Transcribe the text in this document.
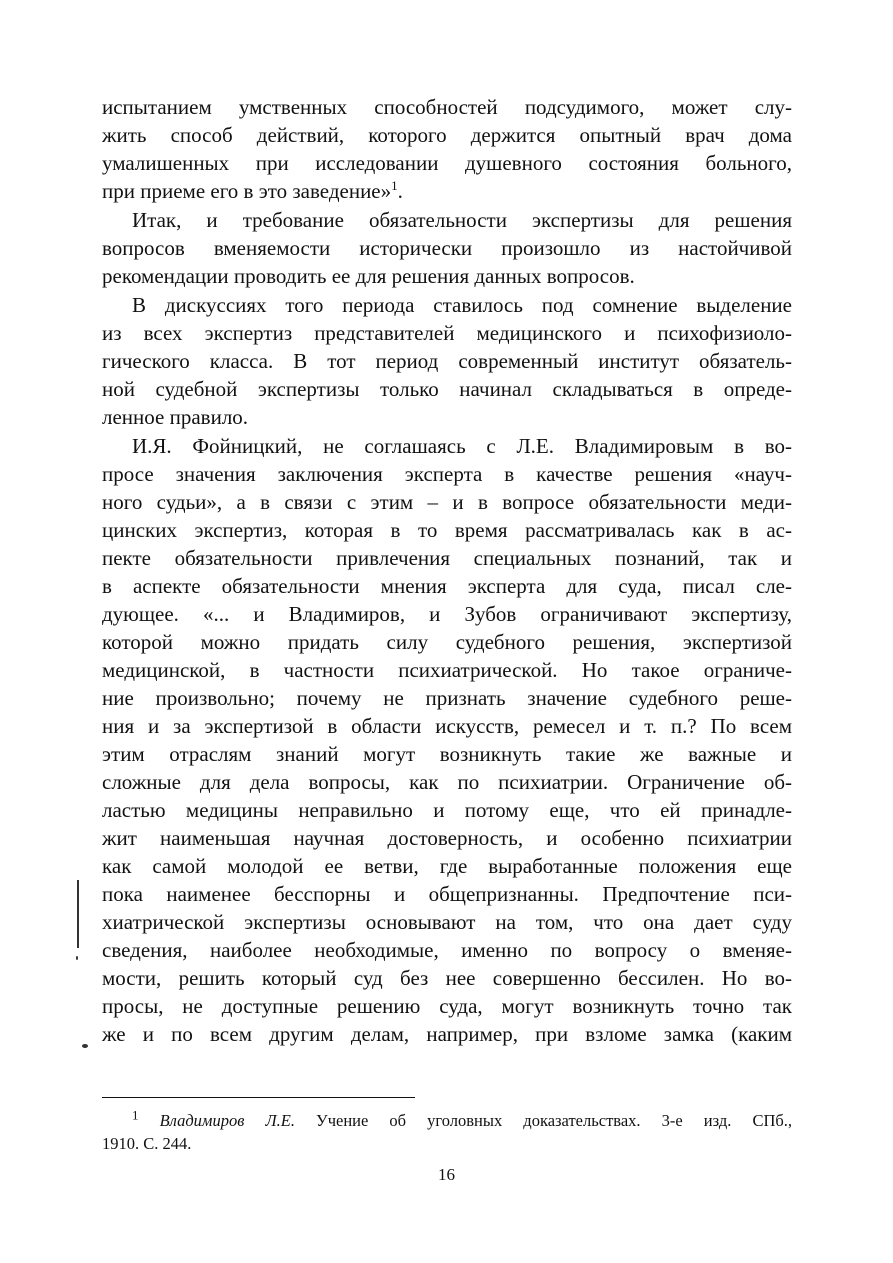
испытанием умственных способностей подсудимого, может слу-
жить способ действий, которого держится опытный врач дома
умалишенных при исследовании душевного состояния больного,
при приеме его в это заведение»$^1$.
Итак, и требование обязательности экспертизы для решения
вопросов вменяемости исторически произошло из настойчивой
рекомендации проводить ее для решения данных вопросов.
В дискуссиях того периода ставилось под сомнение выделение
из всех экспертиз представителей медицинского и психофизиоло-
гического класса. В тот период современный институт обязатель-
ной судебной экспертизы только начинал складываться в опреде-
ленное правило.
И.Я. Фойницкий, не соглашаясь с Л.Е. Владимировым в во-
просе значения заключения эксперта в качестве решения «науч-
ного судьи», а в связи с этим – и в вопросе обязательности меди-
цинских экспертиз, которая в то время рассматривалась как в ас-
пекте обязательности привлечения специальных познаний, так и
в аспекте обязательности мнения эксперта для суда, писал сле-
дующее. «... и Владимиров, и Зубов ограничивают экспертизу,
которой можно придать силу судебного решения, экспертизой
медицинской, в частности психиатрической. Но такое ограниче-
ние произвольно; почему не признать значение судебного реше-
ния и за экспертизой в области искусств, ремесел и т. п.? По всем
этим отраслям знаний могут возникнуть такие же важные и
сложные для дела вопросы, как по психиатрии. Ограничение об-
ластью медицины неправильно и потому еще, что ей принадле-
жит наименьшая научная достоверность, и особенно психиатрии
как самой молодой ее ветви, где выработанные положения еще
пока наименее бесспорны и общепризнанны. Предпочтение пси-
хиатрической экспертизы основывают на том, что она дает суду
сведения, наиболее необходимые, именно по вопросу о вменяе-
мости, решить который суд без нее совершенно бессилен. Но во-
просы, не доступные решению суда, могут возникнуть точно так
же и по всем другим делам, например, при взломе замка (каким
$^1$ Владимиров Л.Е. Учение об уголовных доказательствах. 3-е изд. СПб.,
1910. С. 244.
16
